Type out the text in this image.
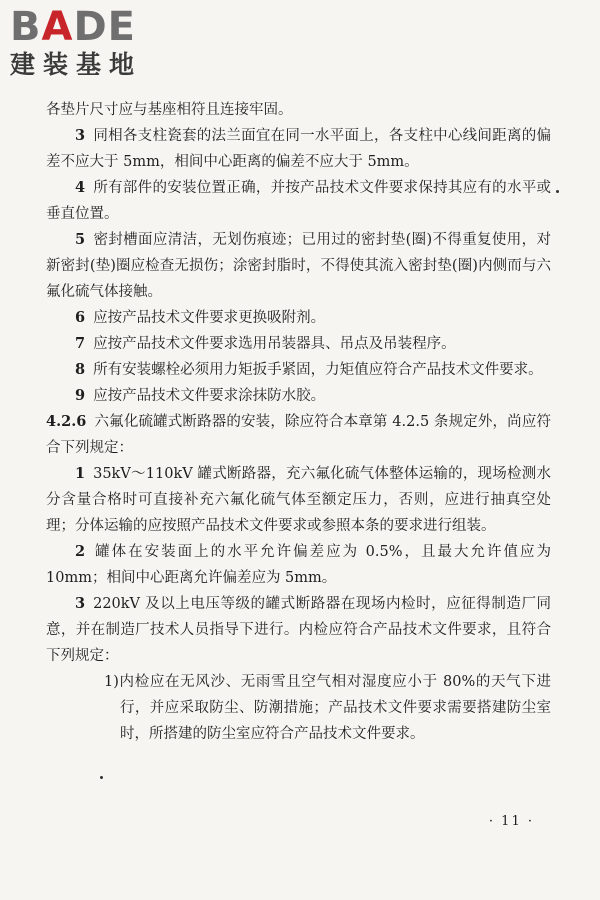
BADE
建装基地

各垫片尺寸应与基座相符且连接牢固。

3 同相各支柱瓷套的法兰面宜在同一水平面上，各支柱中心线间距离的偏差不应大于 5mm，相间中心距离的偏差不应大于 5mm。

4 所有部件的安装位置正确，并按产品技术文件要求保持其应有的水平或垂直位置。

5 密封槽面应清洁，无划伤痕迹；已用过的密封垫(圈)不得重复使用，对新密封(垫)圈应检查无损伤；涂密封脂时，不得使其流入密封垫(圈)内侧而与六氟化硫气体接触。

6 应按产品技术文件要求更换吸附剂。

7 应按产品技术文件要求选用吊装器具、吊点及吊装程序。

8 所有安装螺栓必须用力矩扳手紧固，力矩值应符合产品技术文件要求。

9 应按产品技术文件要求涂抹防水胶。

4.2.6 六氟化硫罐式断路器的安装，除应符合本章第 4.2.5 条规定外，尚应符合下列规定：

1 35kV～110kV 罐式断路器，充六氟化硫气体整体运输的，现场检测水分含量合格时可直接补充六氟化硫气体至额定压力，否则，应进行抽真空处理；分体运输的应按照产品技术文件要求或参照本条的要求进行组装。

2 罐体在安装面上的水平允许偏差应为 0.5%，且最大允许值应为 10mm；相间中心距离允许偏差应为 5mm。

3 220kV 及以上电压等级的罐式断路器在现场内检时，应征得制造厂同意，并在制造厂技术人员指导下进行。内检应符合产品技术文件要求，且符合下列规定：

1)内检应在无风沙、无雨雪且空气相对湿度应小于 80%的天气下进行，并应采取防尘、防潮措施；产品技术文件要求需要搭建防尘室时，所搭建的防尘室应符合产品技术文件要求。

· 11 ·
